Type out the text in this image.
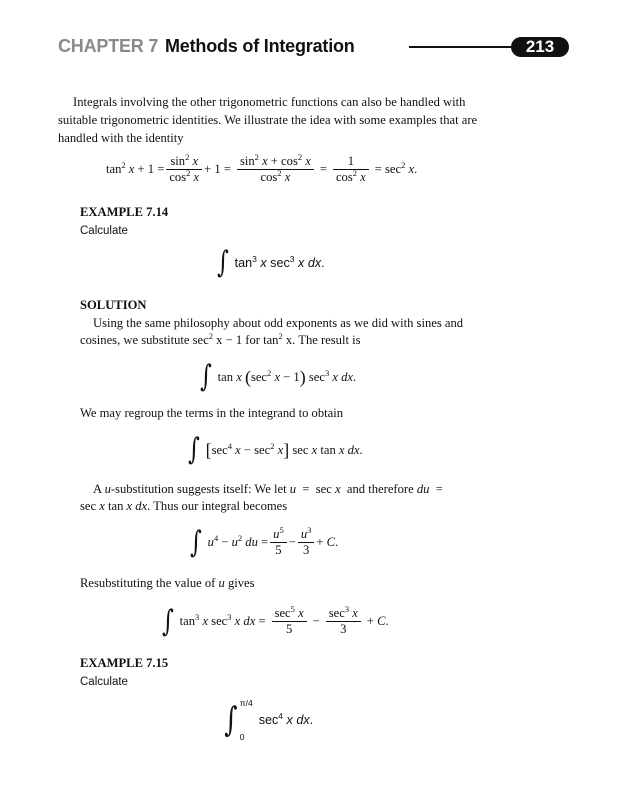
CHAPTER 7 Methods of Integration	213
Integrals involving the other trigonometric functions can also be handled with suitable trigonometric identities. We illustrate the idea with some examples that are handled with the identity
$\tan^2 x + 1 = \frac{\sin^2 x}{\cos^2 x} + 1 = \frac{\sin^2 x + \cos^2 x}{\cos^2 x} = \frac{1}{\cos^2 x} = \sec^2 x$.
EXAMPLE 7.14
Calculate
∫ $\tan^3 x$ $\sec^3 x$ dx.
SOLUTION
Using the same philosophy about odd exponents as we did with sines and
cosines, we substitute $\sec^2 x - 1$ for $\tan^2 x$. The result is
∫ tan x ($\sec^2$ x − 1) $\sec^3 x$ dx.
We may regroup the terms in the integrand to obtain
∫ [$\sec^4$ $x - \sec^2 x$] sec x tan x dx.
A u-substitution suggests itself: We let u  =  sec x  and therefore du  =
sec x tan x dx. Thus our integral becomes
∫ $u^4 - u^2$ du = $\frac{u^5}{5} - \frac{u^3}{3} + C$.
Resubstituting the value of u gives
∫ $\tan^3 x$ $\sec^3 x$ dx = $\frac{\sec^5 x}{5} - \frac{\sec^3 x}{3} + C$.
EXAMPLE 7.15
Calculate
∫ π/4
0
$\sec^4 x$ dx.
